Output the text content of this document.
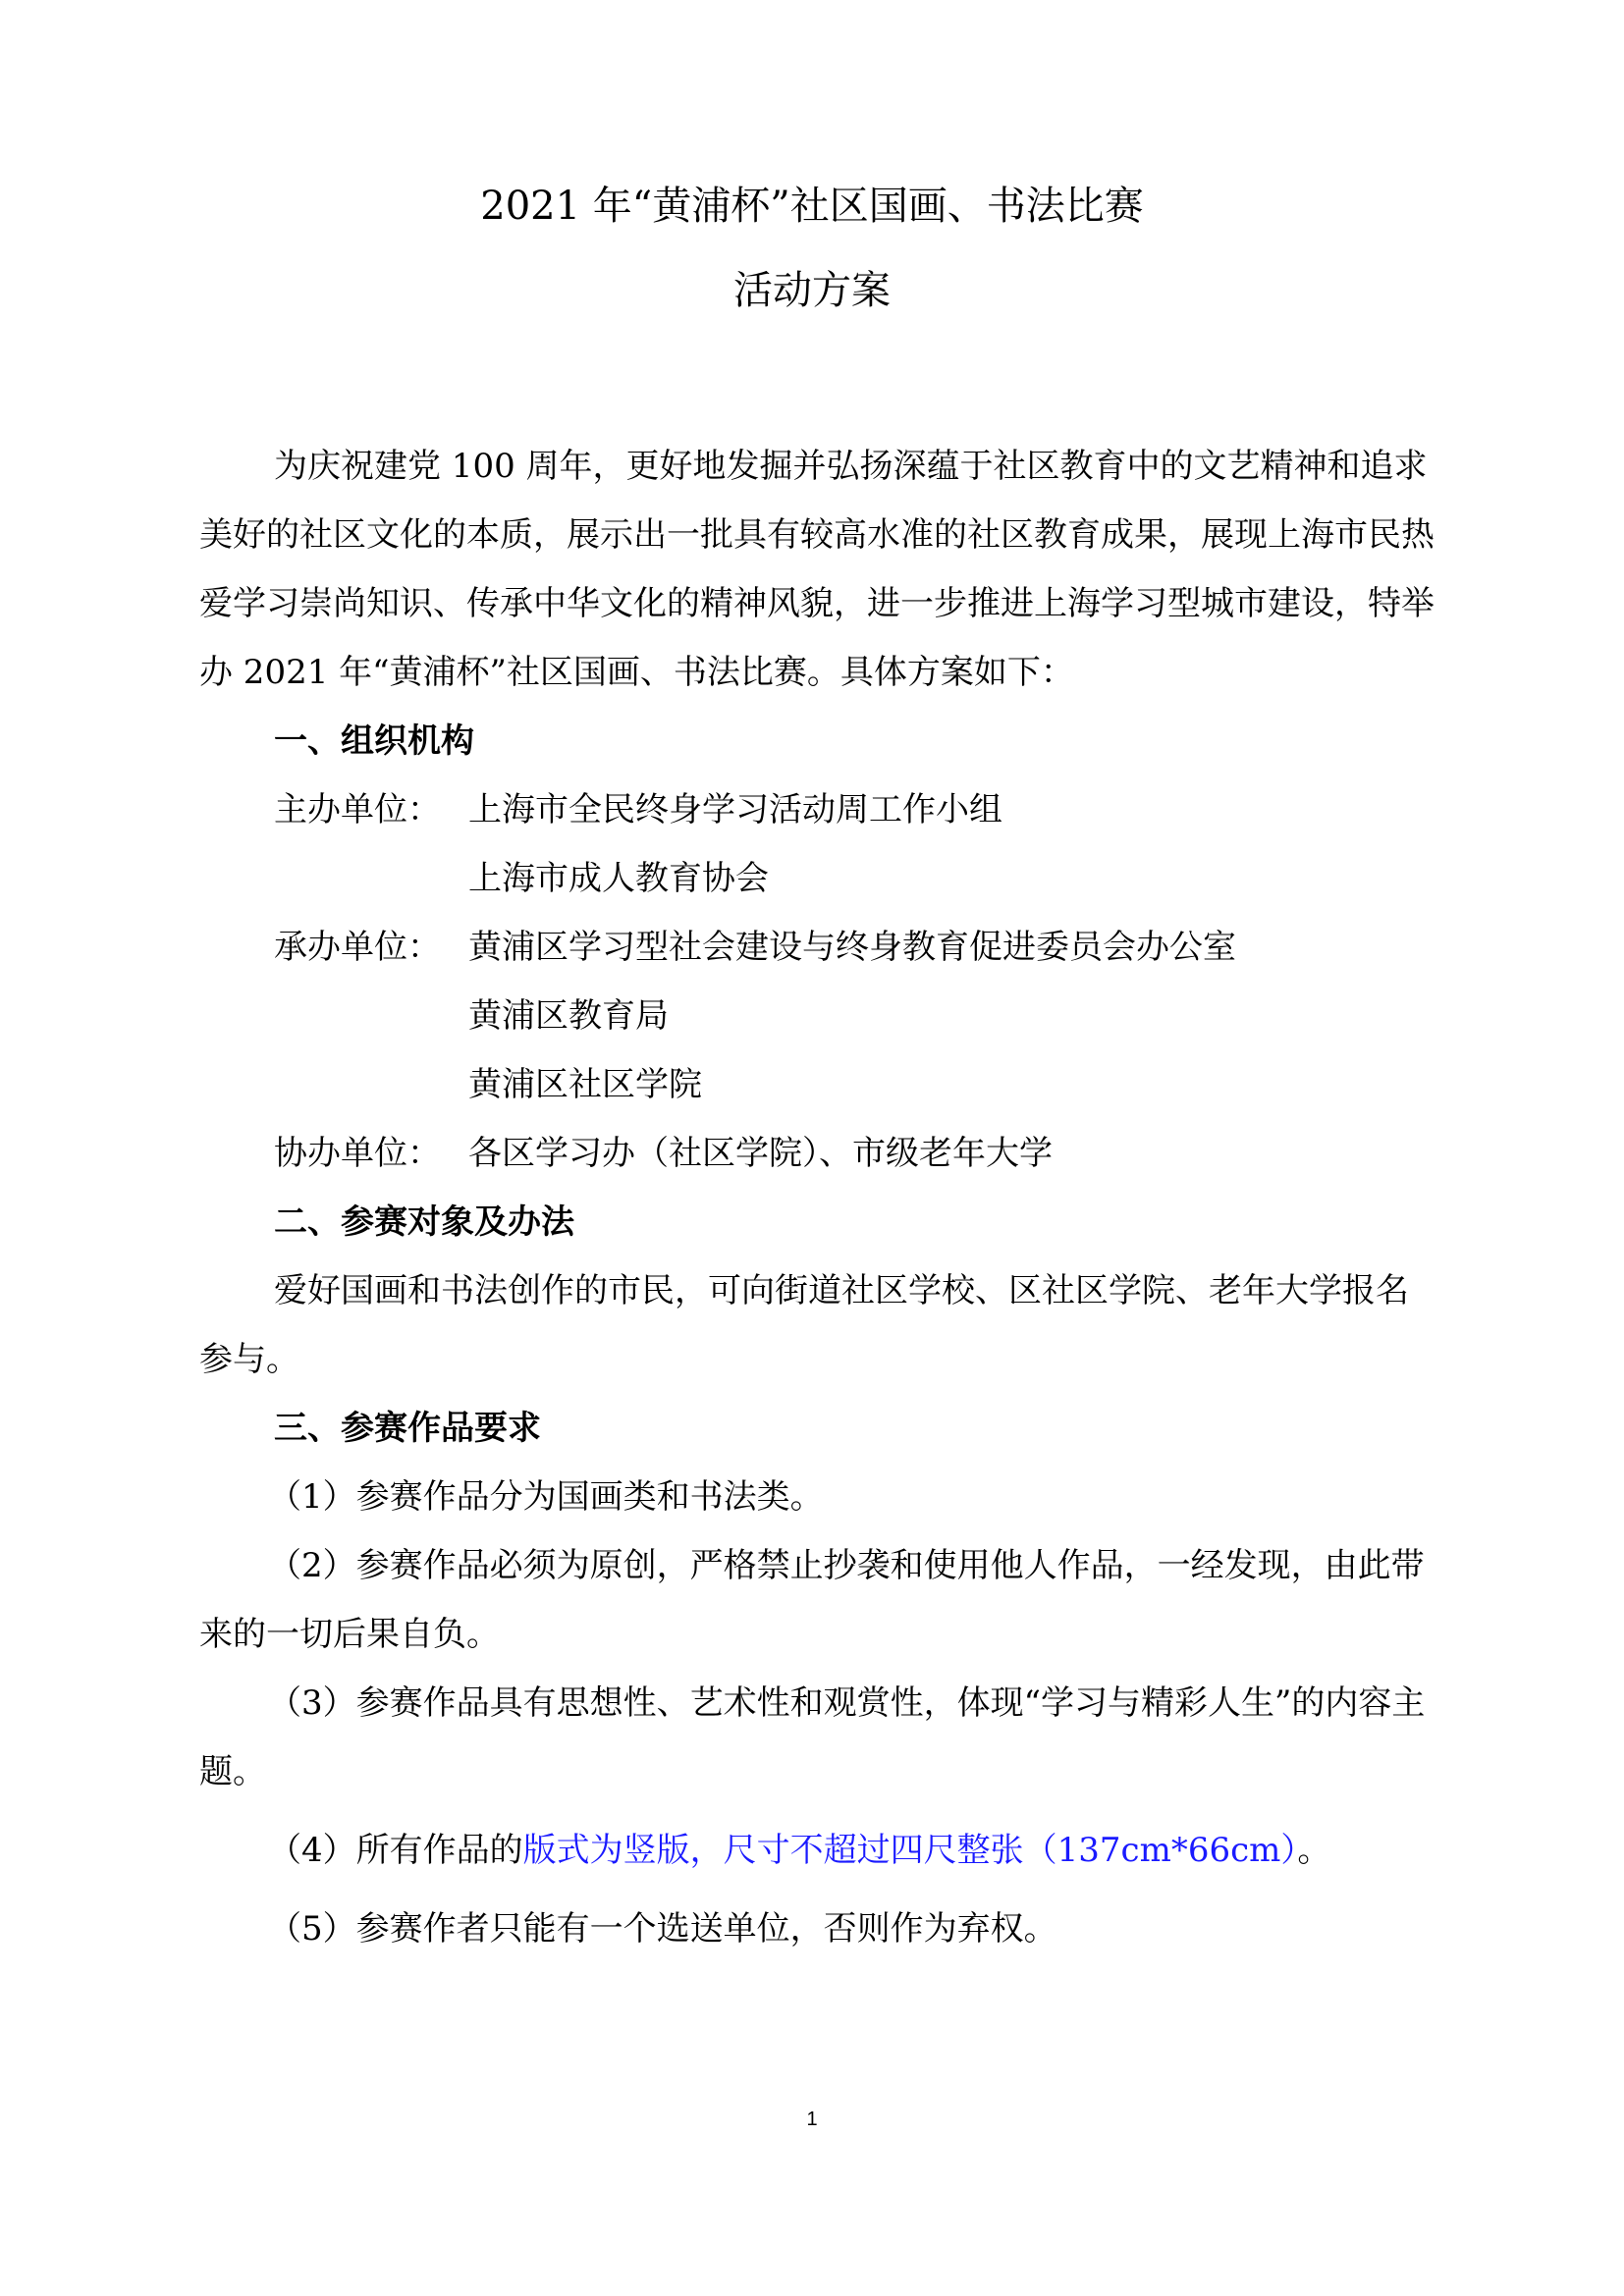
2021 年“黄浦杯”社区国画、书法比赛
活动方案

为庆祝建党 100 周年，更好地发掘并弘扬深蕴于社区教育中的文艺精神和追求美好的社区文化的本质，展示出一批具有较高水准的社区教育成果，展现上海市民热爱学习崇尚知识、传承中华文化的精神风貌，进一步推进上海学习型城市建设，特举办 2021 年“黄浦杯”社区国画、书法比赛。具体方案如下：

一、组织机构

主办单位： 上海市全民终身学习活动周工作小组
上海市成人教育协会
承办单位： 黄浦区学习型社会建设与终身教育促进委员会办公室
黄浦区教育局
黄浦区社区学院
协办单位： 各区学习办（社区学院）、市级老年大学

二、参赛对象及办法

爱好国画和书法创作的市民，可向街道社区学校、区社区学院、老年大学报名参与。

三、参赛作品要求

（1）参赛作品分为国画类和书法类。

（2）参赛作品必须为原创，严格禁止抄袭和使用他人作品，一经发现，由此带来的一切后果自负。

（3）参赛作品具有思想性、艺术性和观赏性，体现“学习与精彩人生”的内容主题。

（4）所有作品的版式为竖版，尺寸不超过四尺整张（137cm*66cm）。

（5）参赛作者只能有一个选送单位，否则作为弃权。

1
